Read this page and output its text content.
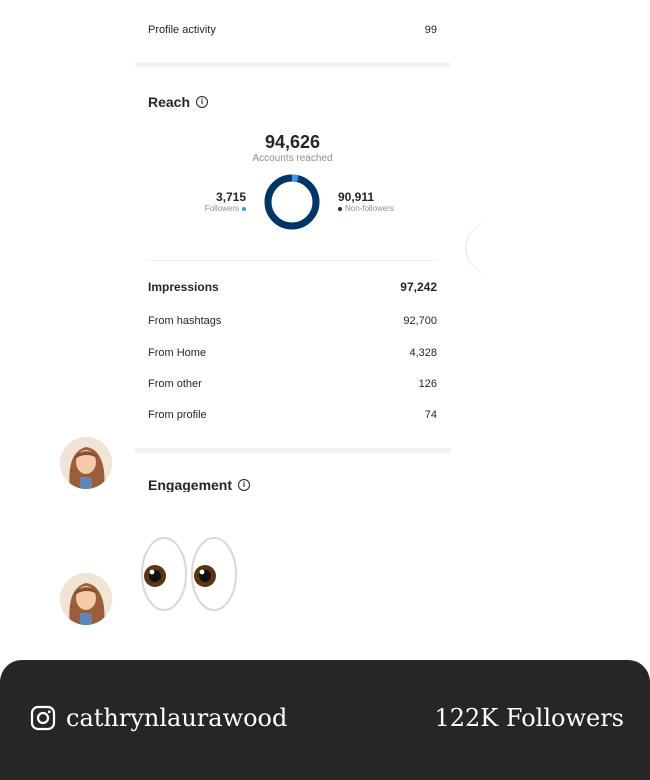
Profile activity	99
Reach	i
94,626
Accounts reached
3,715
Followers
90,911
Non-followers
Impressions	97,242
From hashtags	92,700
From Home	4,328
From other	126
From profile	74
Engagement	i
cathrynlaurawood	122K Followers
